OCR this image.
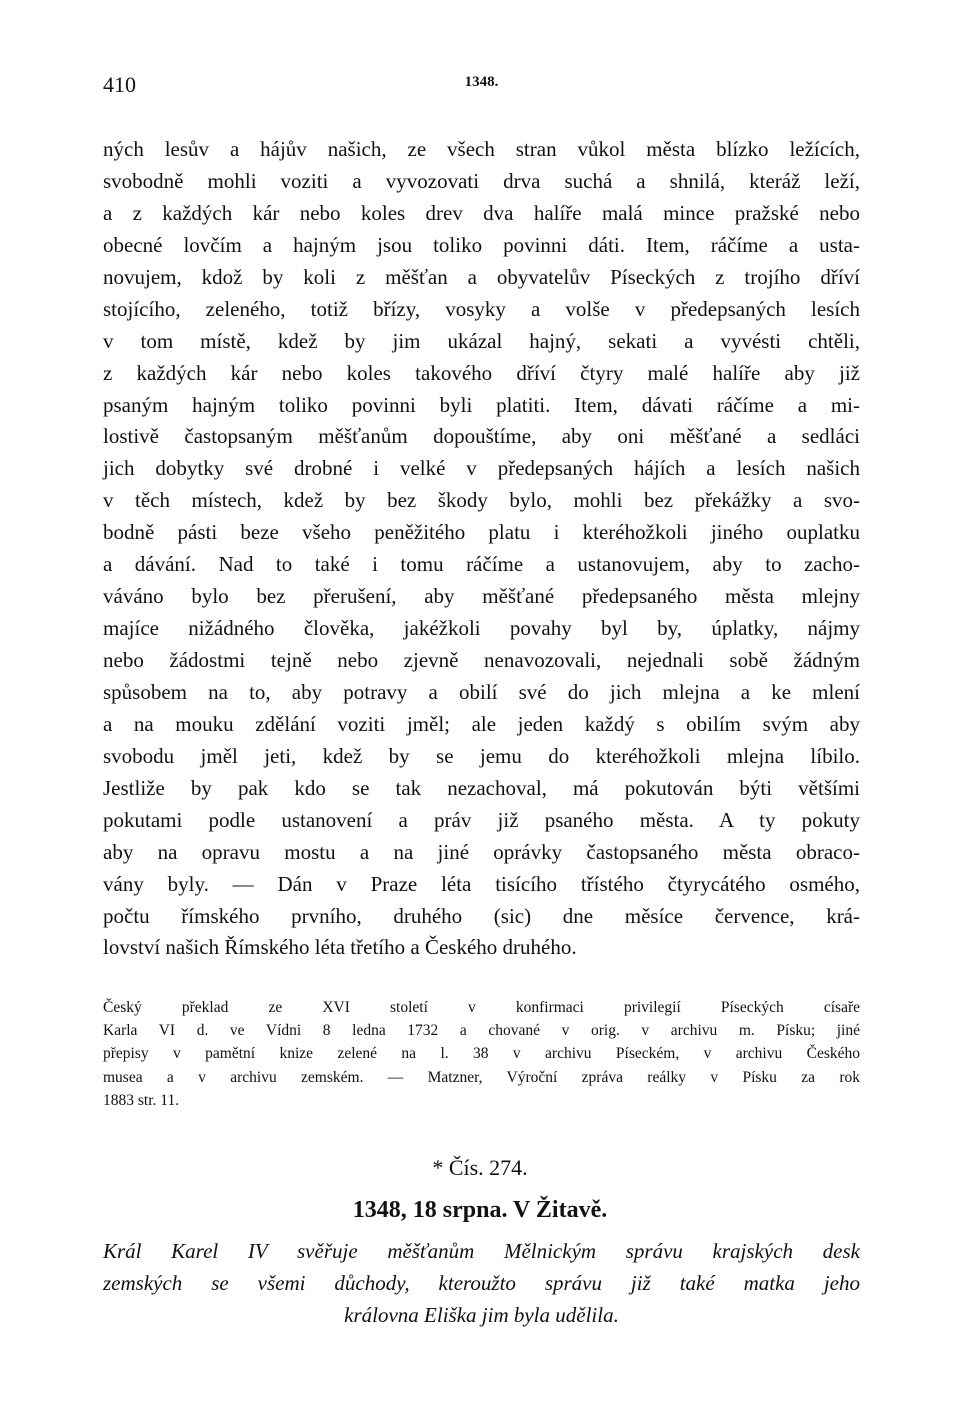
410	1348.
ných lesův a hájův našich, ze všech stran vůkol města blízko ležících,
svobodně mohli voziti a vyvozovati drva suchá a shnilá, kteráž leží,
a z každých kár nebo koles drev dva halíře malá mince pražské nebo
obecné lovčím a hajným jsou toliko povinni dáti. Item, ráčíme a usta-
novujem, kdož by koli z měšťan a obyvatelův Píseckých z trojího dříví
stojícího, zeleného, totiž břízy, vosyky a volše v předepsaných lesích
v tom místě, kdež by jim ukázal hajný, sekati a vyvésti chtěli,
z každých kár nebo koles takového dříví čtyry malé halíře aby již
psaným hajným toliko povinni byli platiti. Item, dávati ráčíme a mi-
lostivě častopsaným měšťanům dopouštíme, aby oni měšťané a sedláci
jich dobytky své drobné i velké v předepsaných hájích a lesích našich
v těch místech, kdež by bez škody bylo, mohli bez překážky a svo-
bodně pásti beze všeho peněžitého platu i kteréhožkoli jiného ouplatku
a dávání. Nad to také i tomu ráčíme a ustanovujem, aby to zacho-
váváno bylo bez přerušení, aby měšťané předepsaného města mlejny
majíce nižádného člověka, jakéžkoli povahy byl by, úplatky, nájmy
nebo žádostmi tejně nebo zjevně nenavozovali, nejednali sobě žádným
spůsobem na to, aby potravy a obilí své do jich mlejna a ke mlení
a na mouku zdělání voziti jměl; ale jeden každý s obilím svým aby
svobodu jměl jeti, kdež by se jemu do kteréhožkoli mlejna líbilo.
Jestliže by pak kdo se tak nezachoval, má pokutován býti většími
pokutami podle ustanovení a práv již psaného města. A ty pokuty
aby na opravu mostu a na jiné oprávky častopsaného města obraco-
vány byly. — Dán v Praze léta tisícího třístého čtyrycátého osmého,
počtu římského prvního, druhého (sic) dne měsíce července, krá-
lovství našich Římského léta třetího a Českého druhého.
Český překlad ze XVI století v konfirmaci privilegií Píseckých císaře
Karla VI d. ve Vídni 8 ledna 1732 a chované v orig. v archivu m. Písku; jiné
přepisy v pamětní knize zelené na l. 38 v archivu Píseckém, v archivu Českého
musea a v archivu zemském. — Matzner, Výroční zpráva reálky v Písku za rok
1883 str. 11.
* Čís. 274.
1348, 18 srpna. V Žitavě.
Král Karel IV svěřuje měšťanům Mělnickým správu krajských desk
zemských se všemi důchody, kteroužto správu již také matka jeho
královna Eliška jim byla udělila.
